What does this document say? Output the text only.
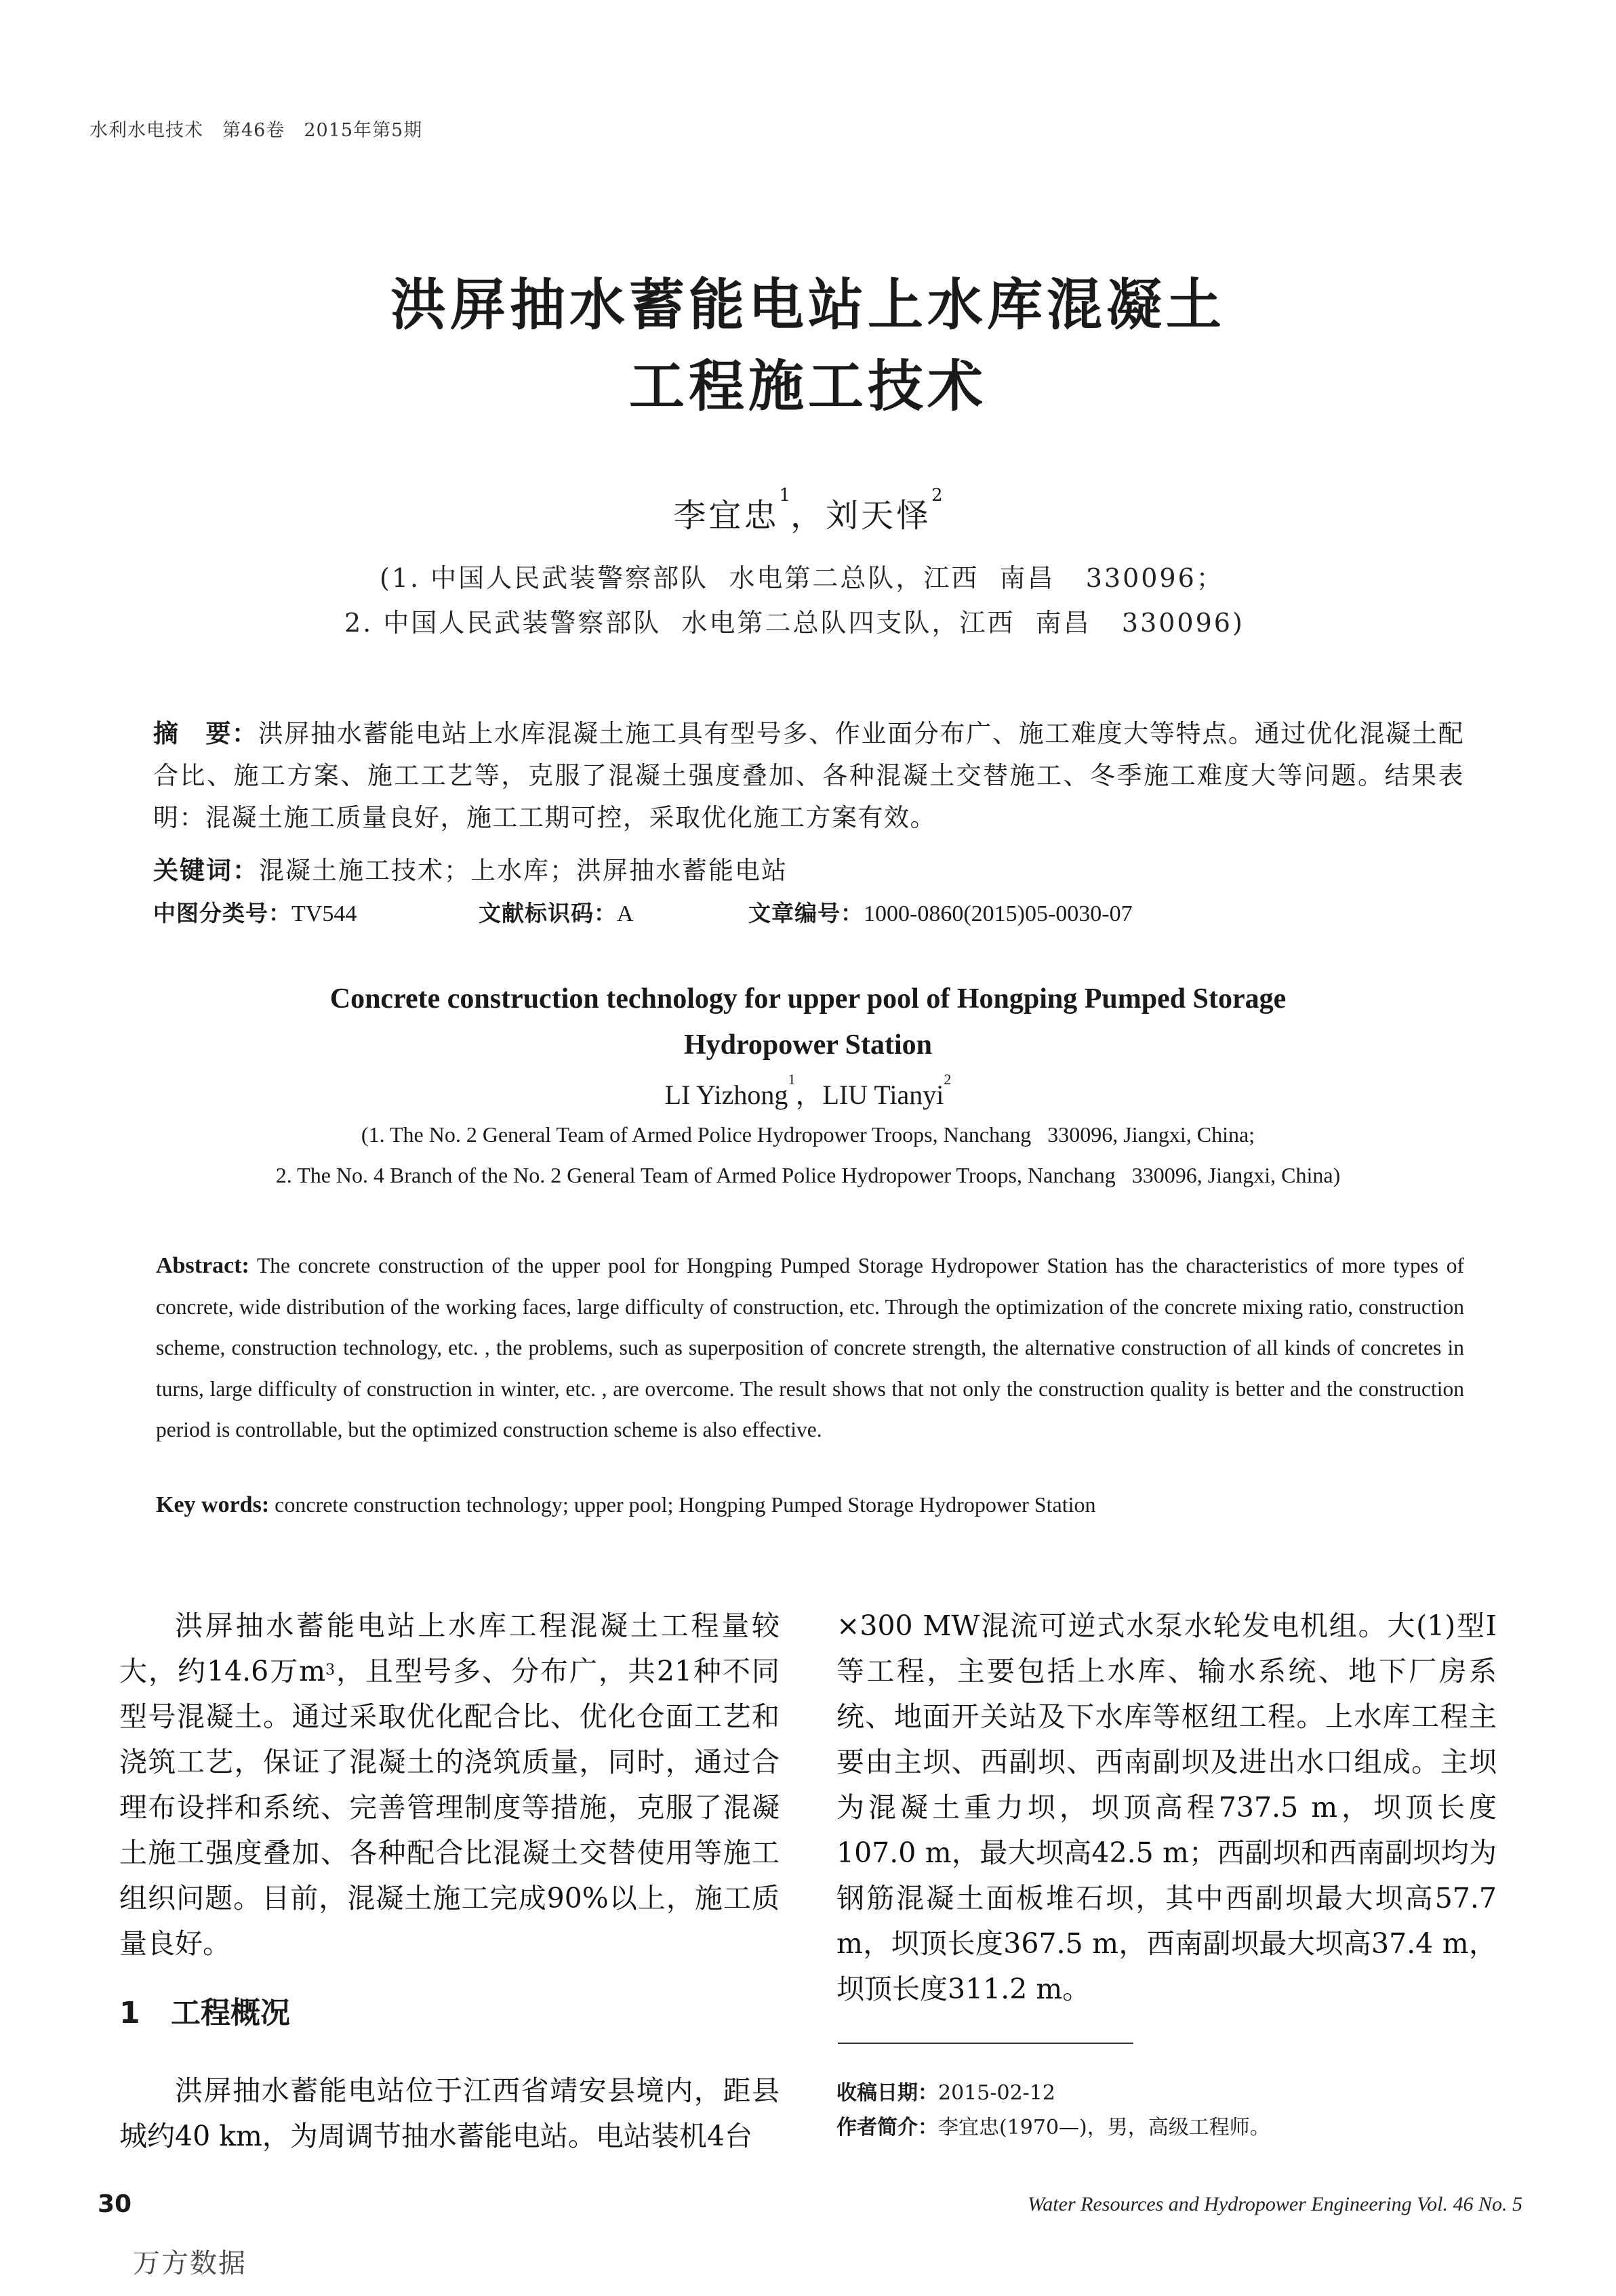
水利水电技术　第46卷　2015年第5期
洪屏抽水蓄能电站上水库混凝土
工程施工技术
李宜忠$^1$，刘天怿$^2$
(1. 中国人民武装警察部队  水电第二总队，江西  南昌   330096；
2. 中国人民武装警察部队  水电第二总队四支队，江西  南昌   330096)
摘　要：洪屏抽水蓄能电站上水库混凝土施工具有型号多、作业面分布广、施工难度大等特点。通过优化混凝土配合比、施工方案、施工工艺等，克服了混凝土强度叠加、各种混凝土交替施工、冬季施工难度大等问题。结果表明：混凝土施工质量良好，施工工期可控，采取优化施工方案有效。
关键词：混凝土施工技术；上水库；洪屏抽水蓄能电站
中图分类号：TV544	文献标识码：A	文章编号：1000-0860(2015)05-0030-07
Concrete construction technology for upper pool of Hongping Pumped Storage
Hydropower Station
LI Yizhong$^1$，LIU Tianyi$^2$
(1. The No. 2 General Team of Armed Police Hydropower Troops, Nanchang   330096, Jiangxi, China;
2. The No. 4 Branch of the No. 2 General Team of Armed Police Hydropower Troops, Nanchang   330096, Jiangxi, China)
Abstract: The concrete construction of the upper pool for Hongping Pumped Storage Hydropower Station has the characteristics of more types of concrete, wide distribution of the working faces, large difficulty of construction, etc. Through the optimization of the concrete mixing ratio, construction scheme, construction technology, etc. , the problems, such as superposition of concrete strength, the alternative construction of all kinds of concretes in turns, large difficulty of construction in winter, etc. , are overcome. The result shows that not only the construction quality is better and the construction period is controllable, but the optimized construction scheme is also effective.
Key words: concrete construction technology; upper pool; Hongping Pumped Storage Hydropower Station

洪屏抽水蓄能电站上水库工程混凝土工程量较大，约14.6万$m^3$，且型号多、分布广，共21种不同型号混凝土。通过采取优化配合比、优化仓面工艺和浇筑工艺，保证了混凝土的浇筑质量，同时，通过合理布设拌和系统、完善管理制度等措施，克服了混凝土施工强度叠加、各种配合比混凝土交替使用等施工组织问题。目前，混凝土施工完成90%以上，施工质量良好。

1 工程概况

洪屏抽水蓄能电站位于江西省靖安县境内，距县城约40 km，为周调节抽水蓄能电站。电站装机4台

×300 MW混流可逆式水泵水轮发电机组。大(1)型Ⅰ等工程，主要包括上水库、输水系统、地下厂房系统、地面开关站及下水库等枢纽工程。上水库工程主要由主坝、西副坝、西南副坝及进出水口组成。主坝为混凝土重力坝，坝顶高程737.5 m，坝顶长度107.0 m，最大坝高42.5 m；西副坝和西南副坝均为钢筋混凝土面板堆石坝，其中西副坝最大坝高57.7 m，坝顶长度367.5 m，西南副坝最大坝高37.4 m，坝顶长度311.2 m。

收稿日期：2015-02-12
作者简介：李宜忠(1970—)，男，高级工程师。
30	Water Resources and Hydropower Engineering Vol. 46 No. 5
万方数据
